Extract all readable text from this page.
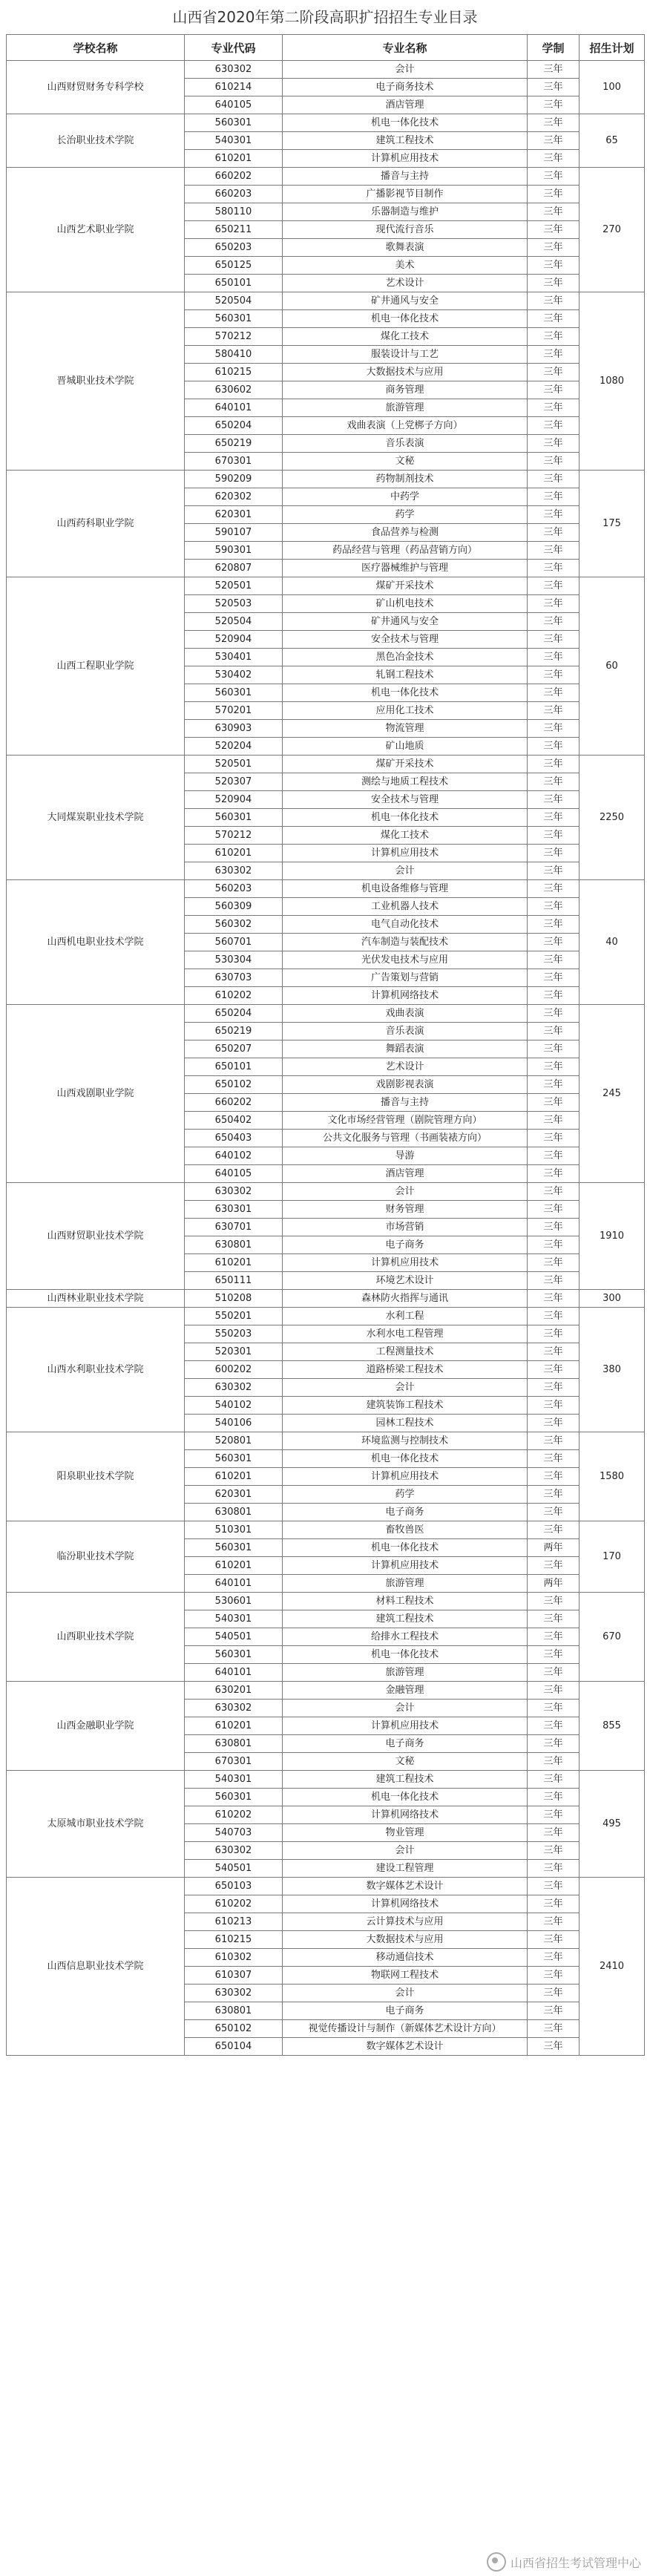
山西省2020年第二阶段高职扩招招生专业目录
学校名称	专业代码	专业名称	学制	招生计划
山西财贸财务专科学校	630302	会计	三年	100
	610214	电子商务技术	三年	
	640105	酒店管理	三年	
长治职业技术学院	560301	机电一体化技术	三年	65
	540301	建筑工程技术	三年	
	610201	计算机应用技术	三年	
山西艺术职业学院	660202	播音与主持	三年	270
	660203	广播影视节目制作	三年	
	580110	乐器制造与维护	三年	
	650211	现代流行音乐	三年	
	650203	歌舞表演	三年	
	650125	美术	三年	
	650101	艺术设计	三年	
晋城职业技术学院	520504	矿井通风与安全	三年	1080
	560301	机电一体化技术	三年	
	570212	煤化工技术	三年	
	580410	服装设计与工艺	三年	
	610215	大数据技术与应用	三年	
	630602	商务管理	三年	
	640101	旅游管理	三年	
	650204	戏曲表演（上党梆子方向）	三年	
	650219	音乐表演	三年	
	670301	文秘	三年	
山西药科职业学院	590209	药物制剂技术	三年	175
	620302	中药学	三年	
	620301	药学	三年	
	590107	食品营养与检测	三年	
	590301	药品经营与管理（药品营销方向）	三年	
	620807	医疗器械维护与管理	三年	
山西工程职业学院	520501	煤矿开采技术	三年	60
	520503	矿山机电技术	三年	
	520504	矿井通风与安全	三年	
	520904	安全技术与管理	三年	
	530401	黑色冶金技术	三年	
	530402	轧钢工程技术	三年	
	560301	机电一体化技术	三年	
	570201	应用化工技术	三年	
	630903	物流管理	三年	
	520204	矿山地质	三年	
大同煤炭职业技术学院	520501	煤矿开采技术	三年	2250
	520307	测绘与地质工程技术	三年	
	520904	安全技术与管理	三年	
	560301	机电一体化技术	三年	
	570212	煤化工技术	三年	
	610201	计算机应用技术	三年	
	630302	会计	三年	
山西机电职业技术学院	560203	机电设备维修与管理	三年	40
	560309	工业机器人技术	三年	
	560302	电气自动化技术	三年	
	560701	汽车制造与装配技术	三年	
	530304	光伏发电技术与应用	三年	
	630703	广告策划与营销	三年	
	610202	计算机网络技术	三年	
山西戏剧职业学院	650204	戏曲表演	三年	245
	650219	音乐表演	三年	
	650207	舞蹈表演	三年	
	650101	艺术设计	三年	
	650102	戏剧影视表演	三年	
	660202	播音与主持	三年	
	650402	文化市场经营管理（剧院管理方向）	三年	
	650403	公共文化服务与管理（书画装裱方向）	三年	
	640102	导游	三年	
	640105	酒店管理	三年	
山西财贸职业技术学院	630302	会计	三年	1910
	630301	财务管理	三年	
	630701	市场营销	三年	
	630801	电子商务	三年	
	610201	计算机应用技术	三年	
	650111	环境艺术设计	三年	
山西林业职业技术学院	510208	森林防火指挥与通讯	三年	300
山西水利职业技术学院	550201	水利工程	三年	380
	550203	水利水电工程管理	三年	
	520301	工程测量技术	三年	
	600202	道路桥梁工程技术	三年	
	630302	会计	三年	
	540102	建筑装饰工程技术	三年	
	540106	园林工程技术	三年	
阳泉职业技术学院	520801	环境监测与控制技术	三年	1580
	560301	机电一体化技术	三年	
	610201	计算机应用技术	三年	
	620301	药学	三年	
	630801	电子商务	三年	
临汾职业技术学院	510301	畜牧兽医	三年	170
	560301	机电一体化技术	两年	
	610201	计算机应用技术	三年	
	640101	旅游管理	两年	
山西职业技术学院	530601	材料工程技术	三年	670
	540301	建筑工程技术	三年	
	540501	给排水工程技术	三年	
	560301	机电一体化技术	三年	
	640101	旅游管理	三年	
山西金融职业学院	630201	金融管理	三年	855
	630302	会计	三年	
	610201	计算机应用技术	三年	
	630801	电子商务	三年	
	670301	文秘	三年	
太原城市职业技术学院	540301	建筑工程技术	三年	495
	560301	机电一体化技术	三年	
	610202	计算机网络技术	三年	
	540703	物业管理	三年	
	630302	会计	三年	
	540501	建设工程管理	三年	
山西信息职业技术学院	650103	数字媒体艺术设计	三年	2410
	610202	计算机网络技术	三年	
	610213	云计算技术与应用	三年	
	610215	大数据技术与应用	三年	
	610302	移动通信技术	三年	
	610307	物联网工程技术	三年	
	630302	会计	三年	
	630801	电子商务	三年	
	650102	视觉传播设计与制作（新媒体艺术设计方向）	三年	
	650104	数字媒体艺术设计	三年	
山西省招生考试管理中心
